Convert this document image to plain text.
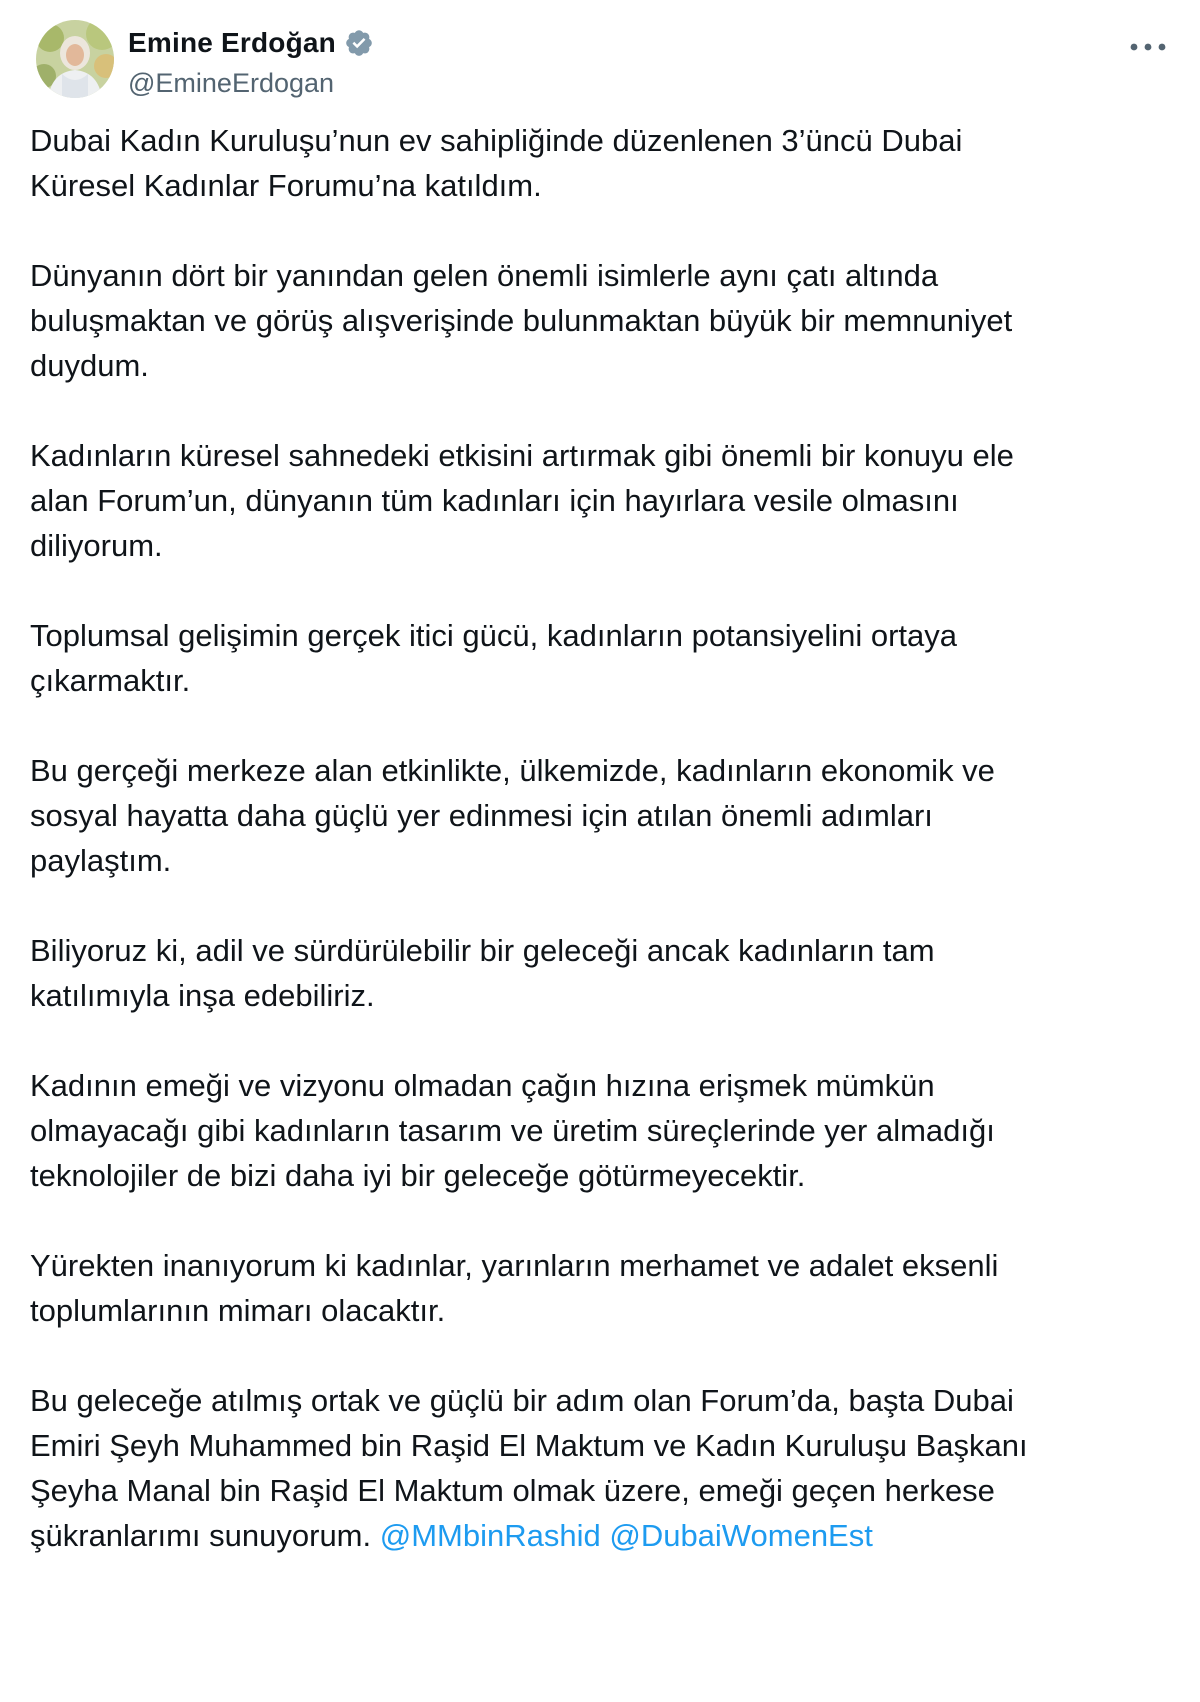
Emine Erdoğan
@EmineErdogan

Dubai Kadın Kuruluşu’nun ev sahipliğinde düzenlenen 3’üncü Dubai
Küresel Kadınlar Forumu’na katıldım.

Dünyanın dört bir yanından gelen önemli isimlerle aynı çatı altında
buluşmaktan ve görüş alışverişinde bulunmaktan büyük bir memnuniyet
duydum.

Kadınların küresel sahnedeki etkisini artırmak gibi önemli bir konuyu ele
alan Forum’un, dünyanın tüm kadınları için hayırlara vesile olmasını
diliyorum.

Toplumsal gelişimin gerçek itici gücü, kadınların potansiyelini ortaya
çıkarmaktır.

Bu gerçeği merkeze alan etkinlikte, ülkemizde, kadınların ekonomik ve
sosyal hayatta daha güçlü yer edinmesi için atılan önemli adımları
paylaştım.

Biliyoruz ki, adil ve sürdürülebilir bir geleceği ancak kadınların tam
katılımıyla inşa edebiliriz.

Kadının emeği ve vizyonu olmadan çağın hızına erişmek mümkün
olmayacağı gibi kadınların tasarım ve üretim süreçlerinde yer almadığı
teknolojiler de bizi daha iyi bir geleceğe götürmeyecektir.

Yürekten inanıyorum ki kadınlar, yarınların merhamet ve adalet eksenli
toplumlarının mimarı olacaktır.

Bu geleceğe atılmış ortak ve güçlü bir adım olan Forum’da, başta Dubai
Emiri Şeyh Muhammed bin Raşid El Maktum ve Kadın Kuruluşu Başkanı
Şeyha Manal bin Raşid El Maktum olmak üzere, emeği geçen herkese
şükranlarımı sunuyorum. @MMbinRashid @DubaiWomenEst
